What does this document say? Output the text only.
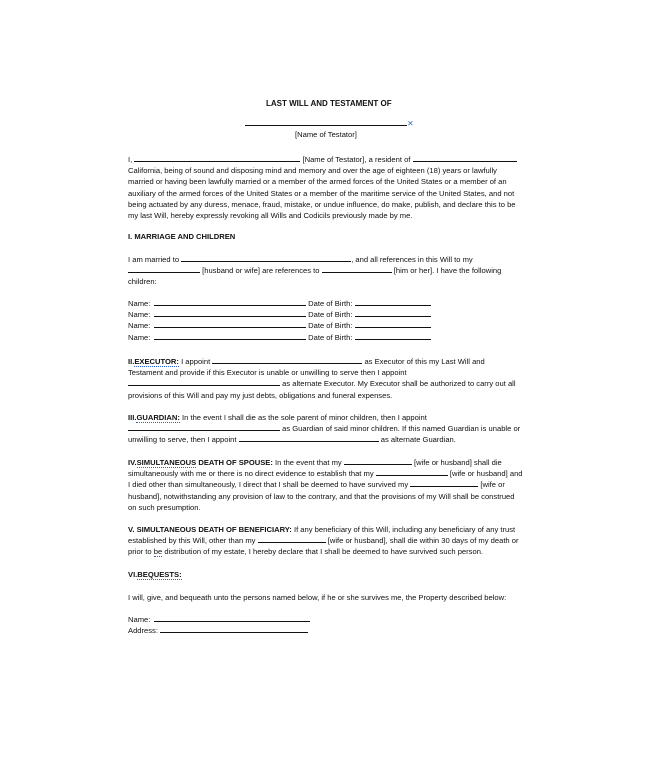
LAST WILL AND TESTAMENT OF
⨯
[Name of Testator]
I,	[Name of Testator], a resident of
California, being of sound and disposing mind and memory and over the age of eighteen (18) years or lawfully
married or having been lawfully married or a member of the armed forces of the United States or a member of an
auxiliary of the armed forces of the United States or a member of the maritime service of the United States, and not
being actuated by any duress, menace, fraud, mistake, or undue influence, do make, publish, and declare this to be
my last Will, hereby expressly revoking all Wills and Codicils previously made by me.
I. MARRIAGE AND CHILDREN
I am married to	, and all references in this Will to my
[husband or wife] are references to	[him or her]. I have the following
children:
Name:	Date of Birth:
Name:	Date of Birth:
Name:	Date of Birth:
Name:	Date of Birth:
II.EXECUTOR: I appoint	as Executor of this my Last Will and
Testament and provide if this Executor is unable or unwilling to serve then I appoint
as alternate Executor. My Executor shall be authorized to carry out all
provisions of this Will and pay my just debts, obligations and funeral expenses.
III.GUARDIAN: In the event I shall die as the sole parent of minor children, then I appoint
as Guardian of said minor children. If this named Guardian is unable or
unwilling to serve, then I appoint	as alternate Guardian.
IV.SIMULTANEOUS DEATH OF SPOUSE: In the event that my	[wife or husband] shall die
simultaneously with me or there is no direct evidence to establish that my	[wife or husband] and
I died other than simultaneously, I direct that I shall be deemed to have survived my	[wife or
husband], notwithstanding any provision of law to the contrary, and that the provisions of my Will shall be construed
on such presumption.
V. SIMULTANEOUS DEATH OF BENEFICIARY: If any beneficiary of this Will, including any beneficiary of any trust
established by this Will, other than my	[wife or husband], shall die within 30 days of my death or
prior to be distribution of my estate, I hereby declare that I shall be deemed to have survived such person.
VI.BEQUESTS:
I will, give, and bequeath unto the persons named below, if he or she survives me, the Property described below:
Name:
Address:
